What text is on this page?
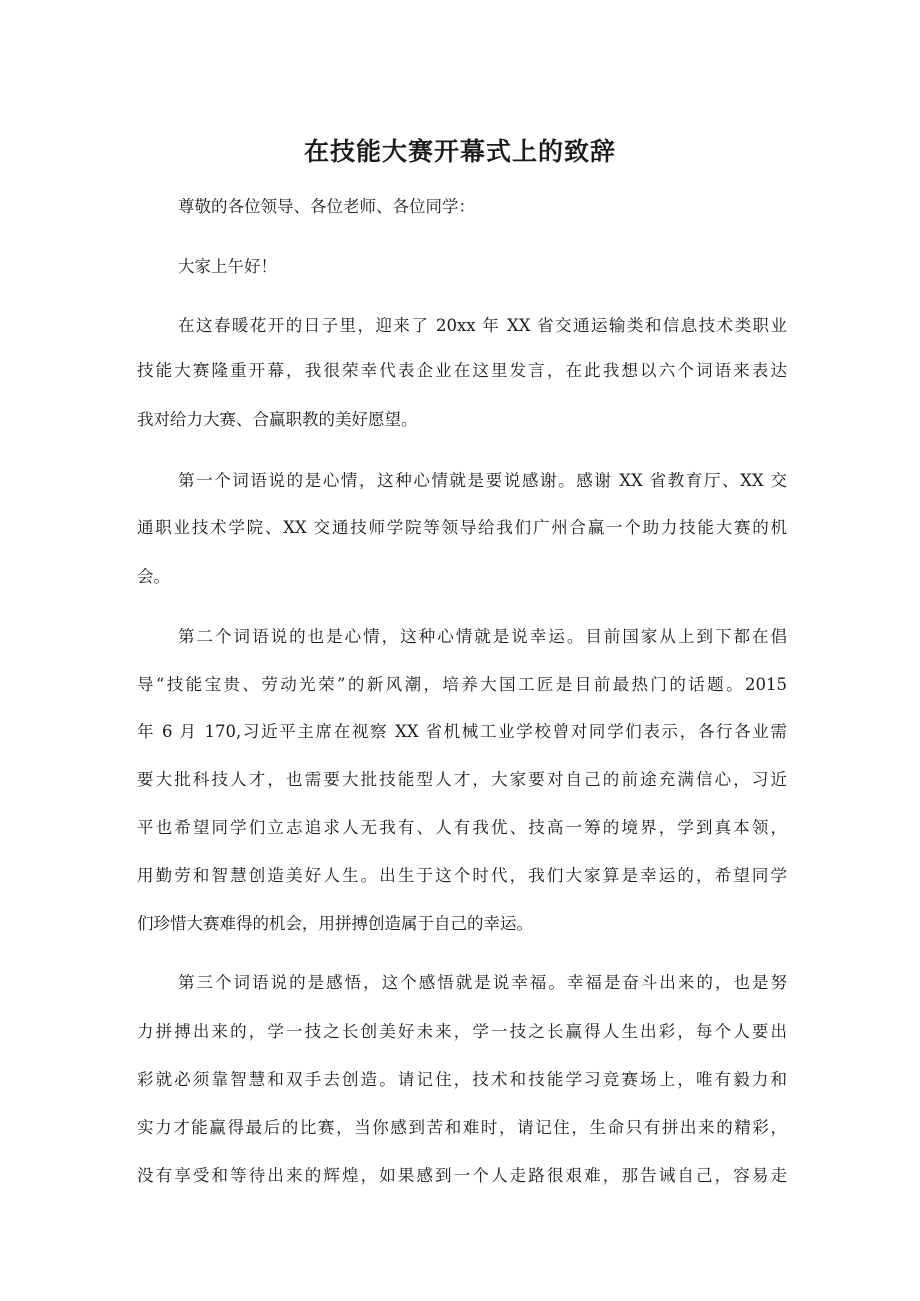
在技能大赛开幕式上的致辞
尊敬的各位领导、各位老师、各位同学：
大家上午好！
在这春暖花开的日子里，迎来了 20xx 年 XX 省交通运输类和信息技术类职业
技能大赛隆重开幕，我很荣幸代表企业在这里发言，在此我想以六个词语来表达
我对给力大赛、合赢职教的美好愿望。
第一个词语说的是心情，这种心情就是要说感谢。感谢 XX 省教育厅、XX 交
通职业技术学院、XX 交通技师学院等领导给我们广州合赢一个助力技能大赛的机
会。
第二个词语说的也是心情，这种心情就是说幸运。目前国家从上到下都在倡
导“技能宝贵、劳动光荣”的新风潮，培养大国工匠是目前最热门的话题。2015
年 6 月 170,习近平主席在视察 XX 省机械工业学校曾对同学们表示，各行各业需
要大批科技人才，也需要大批技能型人才，大家要对自己的前途充满信心，习近
平也希望同学们立志追求人无我有、人有我优、技高一筹的境界，学到真本领，
用勤劳和智慧创造美好人生。出生于这个时代，我们大家算是幸运的，希望同学
们珍惜大赛难得的机会，用拼搏创造属于自己的幸运。
第三个词语说的是感悟，这个感悟就是说幸福。幸福是奋斗出来的，也是努
力拼搏出来的，学一技之长创美好未来，学一技之长赢得人生出彩，每个人要出
彩就必须靠智慧和双手去创造。请记住，技术和技能学习竞赛场上，唯有毅力和
实力才能赢得最后的比赛，当你感到苦和难时，请记住，生命只有拼出来的精彩，
没有享受和等待出来的辉煌，如果感到一个人走路很艰难，那告诫自己，容易走
